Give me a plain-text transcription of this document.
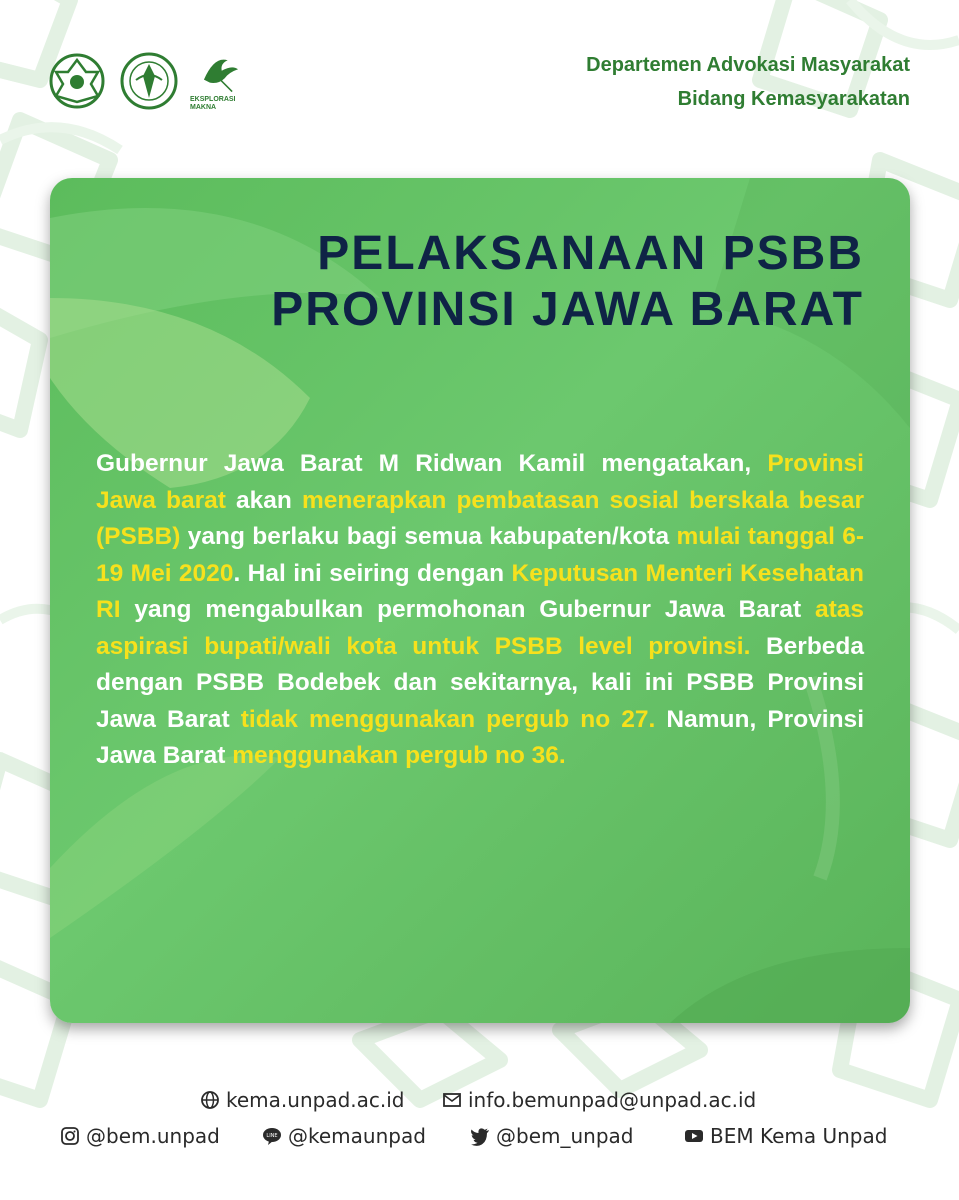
EKSPLORASI MAKNA
Departemen Advokasi Masyarakat
Bidang Kemasyarakatan
PELAKSANAAN PSBB
PROVINSI JAWA BARAT
Gubernur Jawa Barat M Ridwan Kamil mengatakan, Provinsi Jawa barat akan menerapkan pembatasan sosial berskala besar (PSBB) yang berlaku bagi semua kabupaten/kota mulai tanggal 6-19 Mei 2020. Hal ini seiring dengan Keputusan Menteri Kesehatan RI yang mengabulkan permohonan Gubernur Jawa Barat atas aspirasi bupati/wali kota untuk PSBB level provinsi. Berbeda dengan PSBB Bodebek dan sekitarnya, kali ini PSBB Provinsi Jawa Barat tidak menggunakan pergub no 27. Namun, Provinsi Jawa Barat menggunakan pergub no 36.
kema.unpad.ac.id	info.bemunpad@unpad.ac.id
@bem.unpad	LINE @kemaunpad	@bem_unpad	BEM Kema Unpad
